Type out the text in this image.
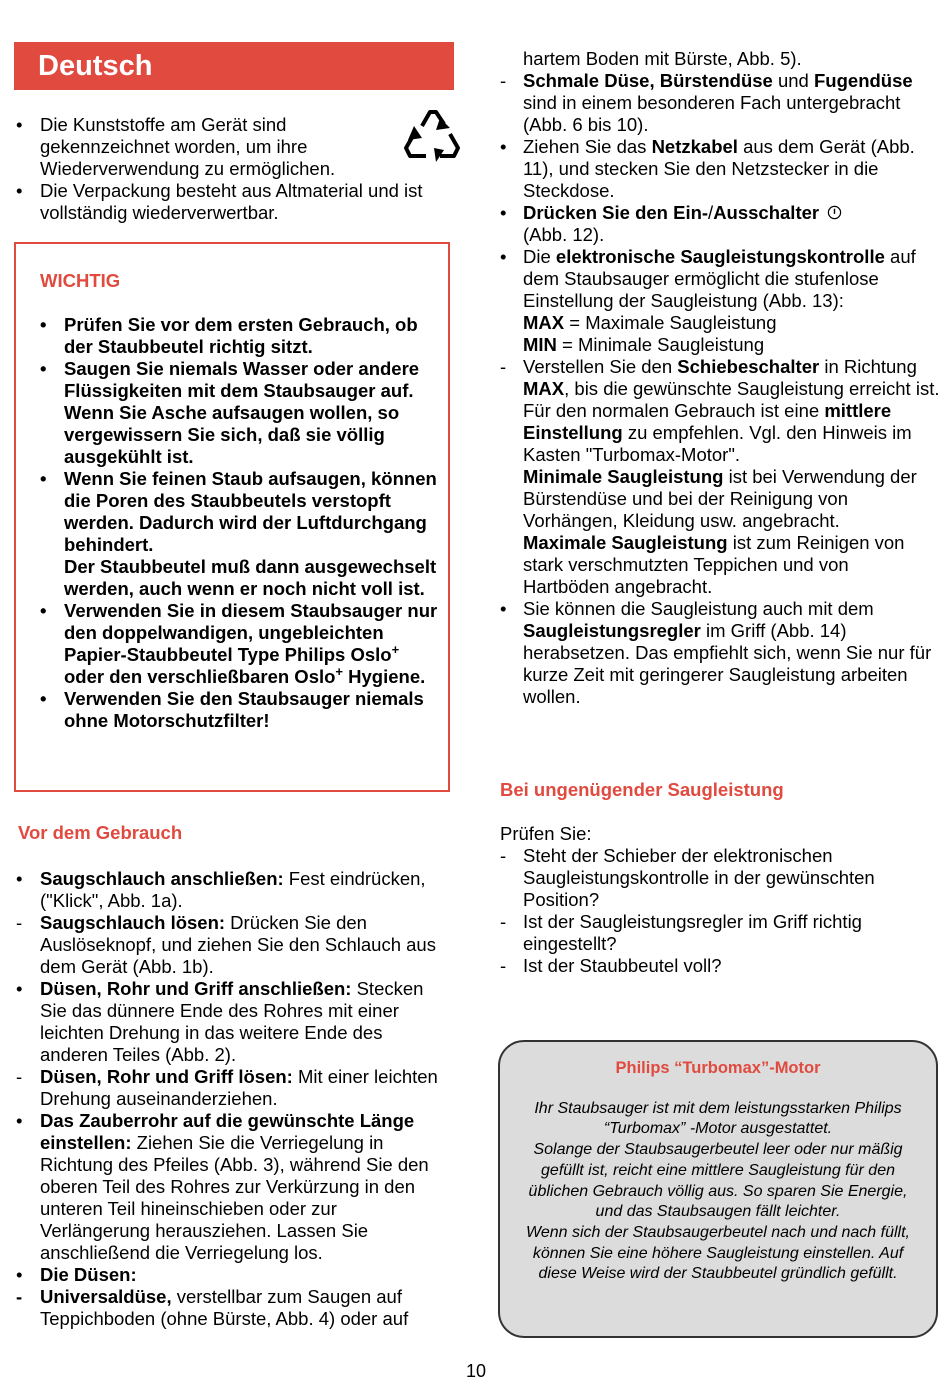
Deutsch
• Die Kunststoffe am Gerät sind gekennzeichnet worden, um ihre Wiederverwendung zu ermöglichen.
• Die Verpackung besteht aus Altmaterial und ist vollständig wiederverwertbar.
WICHTIG
• Prüfen Sie vor dem ersten Gebrauch, ob der Staubbeutel richtig sitzt.
• Saugen Sie niemals Wasser oder andere Flüssigkeiten mit dem Staubsauger auf. Wenn Sie Asche aufsaugen wollen, so vergewissern Sie sich, daß sie völlig ausgekühlt ist.
• Wenn Sie feinen Staub aufsaugen, können die Poren des Staubbeutels verstopft werden. Dadurch wird der Luftdurchgang behindert.
Der Staubbeutel muß dann ausgewechselt werden, auch wenn er noch nicht voll ist.
• Verwenden Sie in diesem Staubsauger nur den doppelwandigen, ungebleichten Papier-Staubbeutel Type Philips Oslo+ oder den verschließbaren Oslo+ Hygiene.
• Verwenden Sie den Staubsauger niemals ohne Motorschutzfilter!
Vor dem Gebrauch
• Saugschlauch anschließen: Fest eindrücken, ("Klick", Abb. 1a).
- Saugschlauch lösen: Drücken Sie den Auslöseknopf, und ziehen Sie den Schlauch aus dem Gerät (Abb. 1b).
• Düsen, Rohr und Griff anschließen: Stecken Sie das dünnere Ende des Rohres mit einer leichten Drehung in das weitere Ende des anderen Teiles (Abb. 2).
- Düsen, Rohr und Griff lösen: Mit einer leichten Drehung auseinanderziehen.
• Das Zauberrohr auf die gewünschte Länge einstellen: Ziehen Sie die Verriegelung in Richtung des Pfeiles (Abb. 3), während Sie den oberen Teil des Rohres zur Verkürzung in den unteren Teil hineinschieben oder zur Verlängerung herausziehen. Lassen Sie anschließend die Verriegelung los.
• Die Düsen:
- Universaldüse, verstellbar zum Saugen auf Teppichboden (ohne Bürste, Abb. 4) oder auf
hartem Boden mit Bürste, Abb. 5).
- Schmale Düse, Bürstendüse und Fugendüse sind in einem besonderen Fach untergebracht (Abb. 6 bis 10).
• Ziehen Sie das Netzkabel aus dem Gerät (Abb. 11), und stecken Sie den Netzstecker in die Steckdose.
• Drücken Sie den Ein-/Ausschalter
(Abb. 12).
• Die elektronische Saugleistungskontrolle auf dem Staubsauger ermöglicht die stufenlose Einstellung der Saugleistung (Abb. 13):
MAX = Maximale Saugleistung
MIN = Minimale Saugleistung
- Verstellen Sie den Schiebeschalter in Richtung MAX, bis die gewünschte Saugleistung erreicht ist.
Für den normalen Gebrauch ist eine mittlere Einstellung zu empfehlen. Vgl. den Hinweis im Kasten "Turbomax-Motor".
Minimale Saugleistung ist bei Verwendung der Bürstendüse und bei der Reinigung von Vorhängen, Kleidung usw. angebracht.
Maximale Saugleistung ist zum Reinigen von stark verschmutzten Teppichen und von Hartböden angebracht.
• Sie können die Saugleistung auch mit dem Saugleistungsregler im Griff (Abb. 14) herabsetzen. Das empfiehlt sich, wenn Sie nur für kurze Zeit mit geringerer Saugleistung arbeiten wollen.
Bei ungenügender Saugleistung
Prüfen Sie:
- Steht der Schieber der elektronischen Saugleistungskontrolle in der gewünschten Position?
- Ist der Saugleistungsregler im Griff richtig eingestellt?
- Ist der Staubbeutel voll?
Philips “Turbomax”-Motor
Ihr Staubsauger ist mit dem leistungsstarken Philips “Turbomax” -Motor ausgestattet.
Solange der Staubsaugerbeutel leer oder nur mäßig gefüllt ist, reicht eine mittlere Saugleistung für den üblichen Gebrauch völlig aus. So sparen Sie Energie, und das Staubsaugen fällt leichter.
Wenn sich der Staubsaugerbeutel nach und nach füllt, können Sie eine höhere Saugleistung einstellen. Auf diese Weise wird der Staubbeutel gründlich gefüllt.
10
